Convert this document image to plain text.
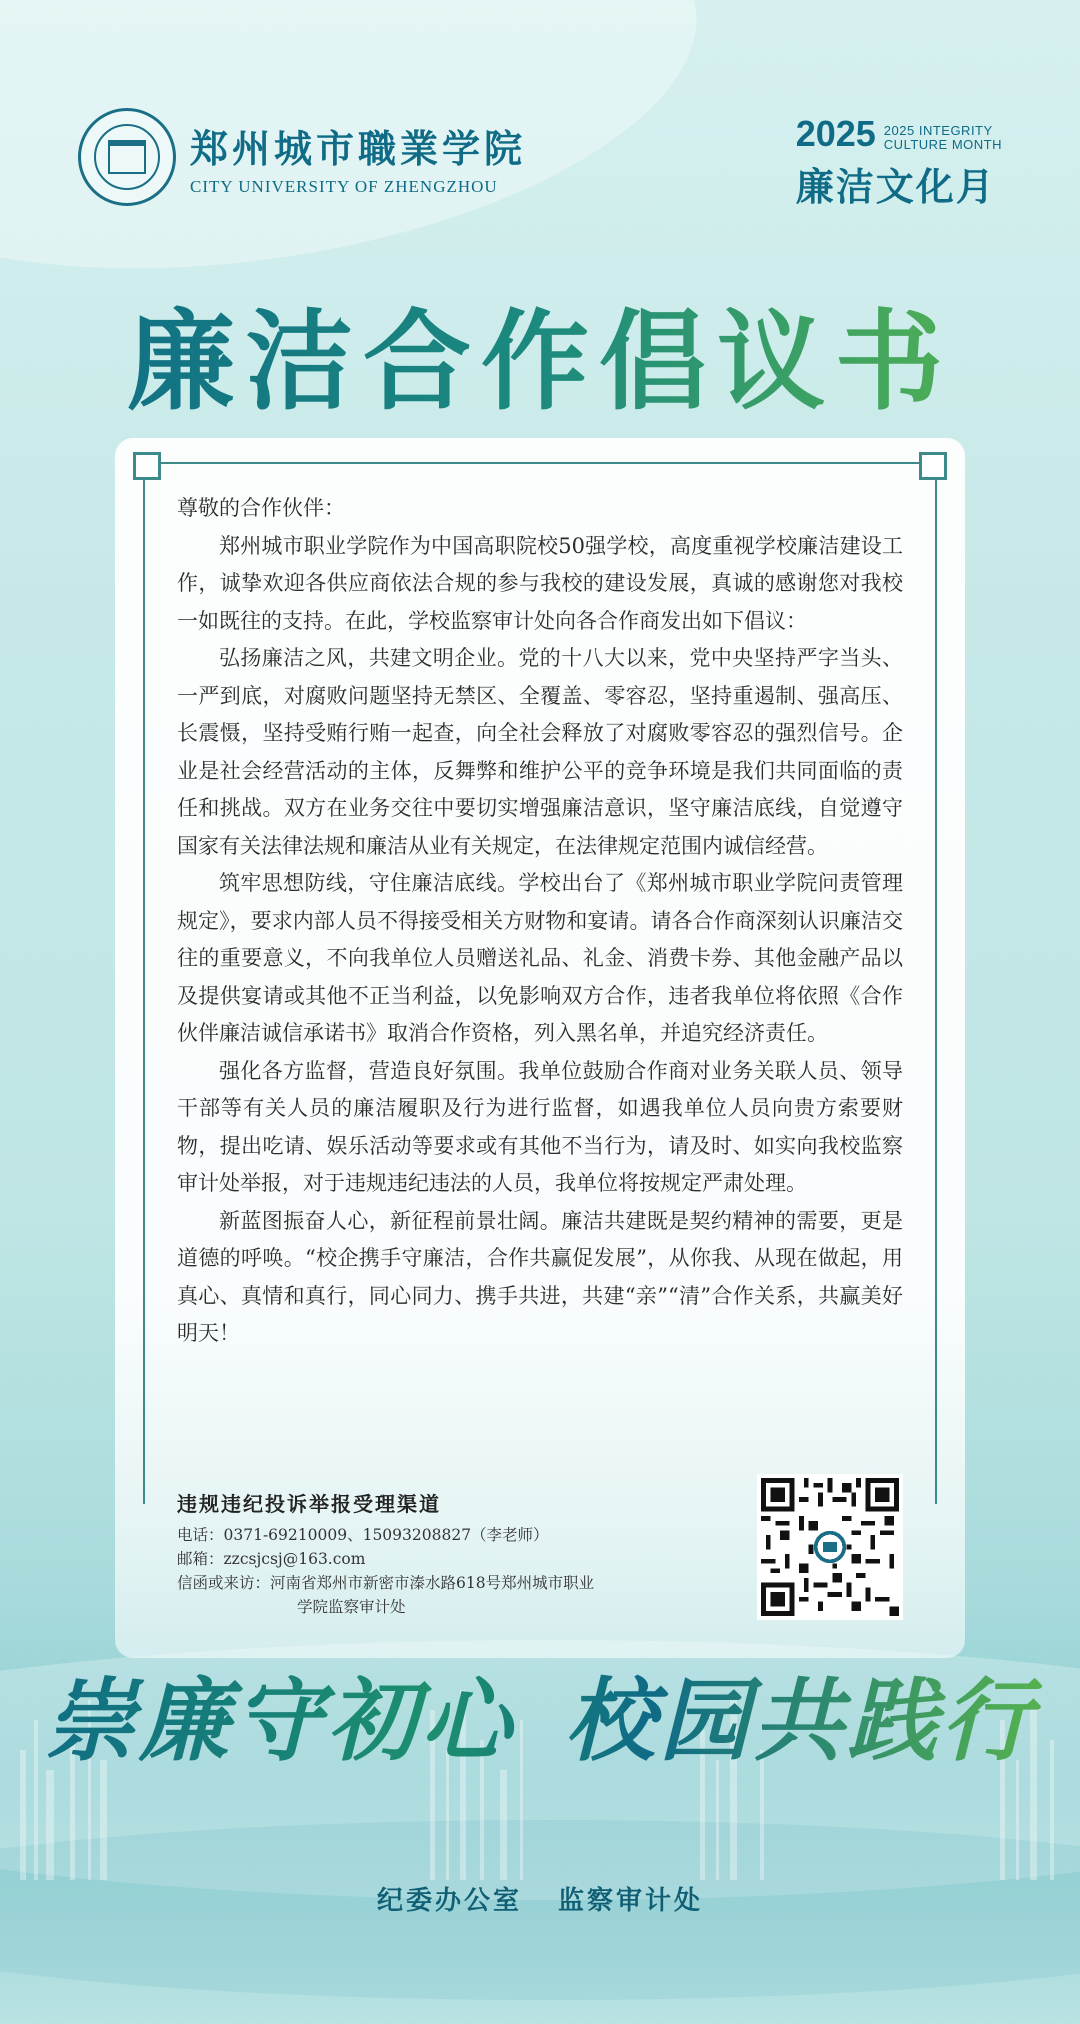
郑州城市職業学院
CITY UNIVERSITY OF ZHENGZHOU
2025 2025 INTEGRITY
CULTURE MONTH
廉洁文化月
廉洁合作倡议书

尊敬的合作伙伴：

郑州城市职业学院作为中国高职院校50强学校，高度重视学校廉洁建设工作，诚挚欢迎各供应商依法合规的参与我校的建设发展，真诚的感谢您对我校一如既往的支持。在此，学校监察审计处向各合作商发出如下倡议：

弘扬廉洁之风，共建文明企业。党的十八大以来，党中央坚持严字当头、一严到底，对腐败问题坚持无禁区、全覆盖、零容忍，坚持重遏制、强高压、长震慑，坚持受贿行贿一起查，向全社会释放了对腐败零容忍的强烈信号。企业是社会经营活动的主体，反舞弊和维护公平的竞争环境是我们共同面临的责任和挑战。双方在业务交往中要切实增强廉洁意识，坚守廉洁底线，自觉遵守国家有关法律法规和廉洁从业有关规定，在法律规定范围内诚信经营。

筑牢思想防线，守住廉洁底线。学校出台了《郑州城市职业学院问责管理规定》，要求内部人员不得接受相关方财物和宴请。请各合作商深刻认识廉洁交往的重要意义，不向我单位人员赠送礼品、礼金、消费卡券、其他金融产品以及提供宴请或其他不正当利益，以免影响双方合作，违者我单位将依照《合作伙伴廉洁诚信承诺书》取消合作资格，列入黑名单，并追究经济责任。

强化各方监督，营造良好氛围。我单位鼓励合作商对业务关联人员、领导干部等有关人员的廉洁履职及行为进行监督，如遇我单位人员向贵方索要财物，提出吃请、娱乐活动等要求或有其他不当行为，请及时、如实向我校监察审计处举报，对于违规违纪违法的人员，我单位将按规定严肃处理。

新蓝图振奋人心，新征程前景壮阔。廉洁共建既是契约精神的需要，更是道德的呼唤。“校企携手守廉洁，合作共赢促发展”，从你我、从现在做起，用真心、真情和真行，同心同力、携手共进，共建“亲”“清”合作关系，共赢美好明天！

违规违纪投诉举报受理渠道
电话：0371-69210009、15093208827（李老师）
邮箱：zzcsjcsj@163.com
信函或来访：河南省郑州市新密市溱水路618号郑州城市职业
学院监察审计处
崇廉守初心 校园共践行
纪委办公室 监察审计处
